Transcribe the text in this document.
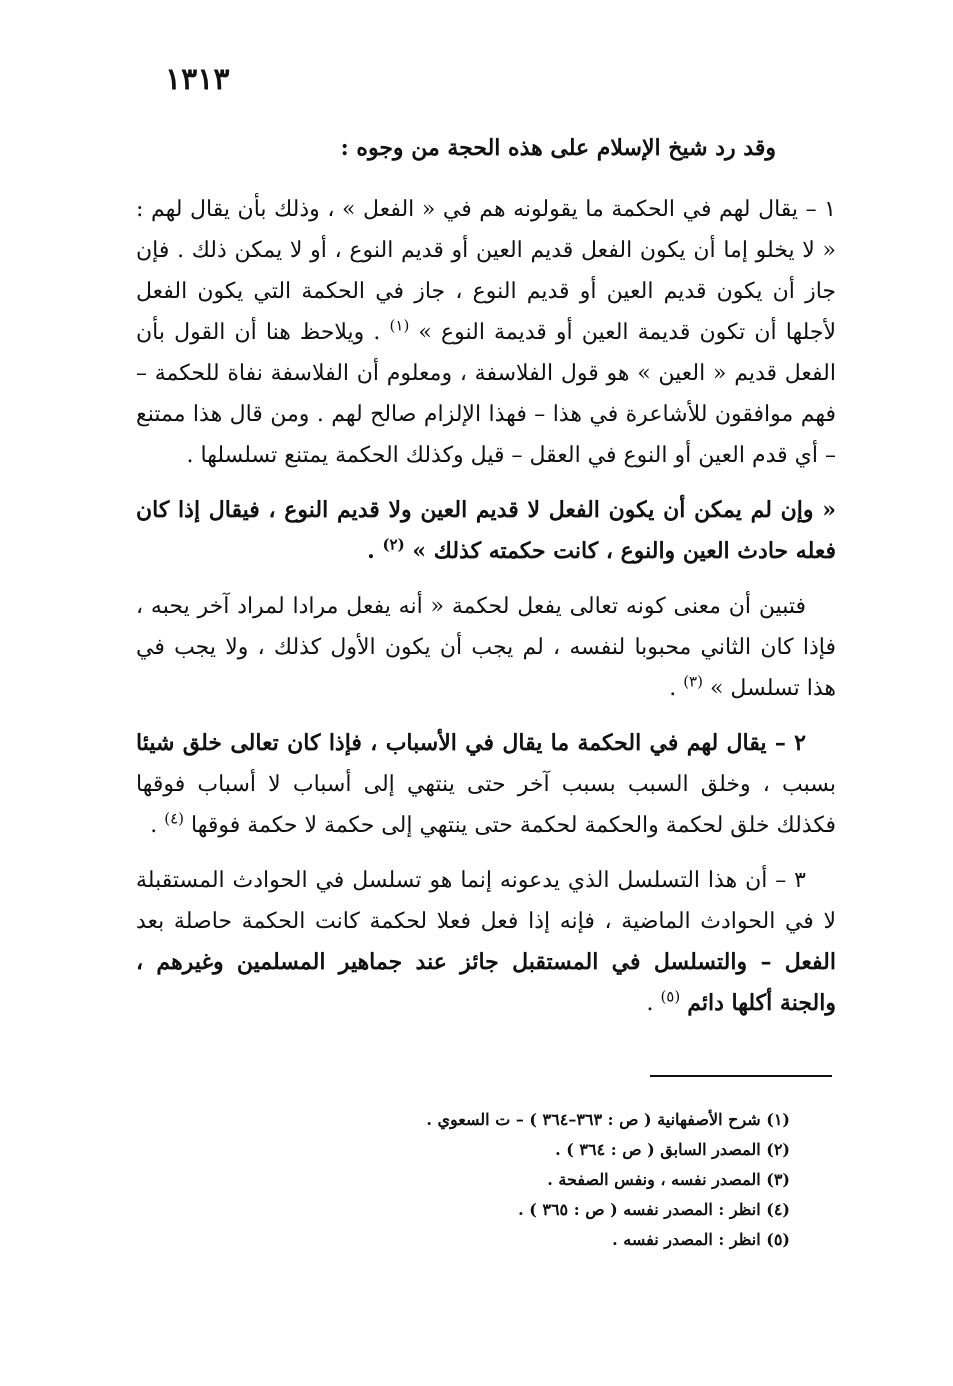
١٣١٣

وقد رد شيخ الإسلام على هذه الحجة من وجوه :

١ – يقال لهم في الحكمة ما يقولونه هم في « الفعل » ، وذلك بأن يقال لهم : « لا يخلو إما أن يكون الفعل قديم العين أو قديم النوع ، أو لا يمكن ذلك . فإن جاز أن يكون قديم العين أو قديم النوع ، جاز في الحكمة التي يكون الفعل لأجلها أن تكون قديمة العين أو قديمة النوع » $^{(١)}$ . ويلاحظ هنا أن القول بأن الفعل قديم « العين » هو قول الفلاسفة ، ومعلوم أن الفلاسفة نفاة للحكمة – فهم موافقون للأشاعرة في هذا – فهذا الإلزام صالح لهم . ومن قال هذا ممتنع – أي قدم العين أو النوع في العقل – قيل وكذلك الحكمة يمتنع تسلسلها .

« وإن لم يمكن أن يكون الفعل لا قديم العين ولا قديم النوع ، فيقال إذا كان فعله حادث العين والنوع ، كانت حكمته كذلك » $^{(٢)}$ .

فتبين أن معنى كونه تعالى يفعل لحكمة « أنه يفعل مرادا لمراد آخر يحبه ، فإذا كان الثاني محبوبا لنفسه ، لم يجب أن يكون الأول كذلك ، ولا يجب في هذا تسلسل » $^{(٣)}$ .

٢ – يقال لهم في الحكمة ما يقال في الأسباب ، فإذا كان تعالى خلق شيئا بسبب ، وخلق السبب بسبب آخر حتى ينتهي إلى أسباب لا أسباب فوقها فكذلك خلق لحكمة والحكمة لحكمة حتى ينتهي إلى حكمة لا حكمة فوقها $^{(٤)}$ .

٣ – أن هذا التسلسل الذي يدعونه إنما هو تسلسل في الحوادث المستقبلة لا في الحوادث الماضية ، فإنه إذا فعل فعلا لحكمة كانت الحكمة حاصلة بعد الفعل – والتسلسل في المستقبل جائز عند جماهير المسلمين وغيرهم ، والجنة أكلها دائم $^{(٥)}$ .

(١) شرح الأصفهانية ( ص : ٣٦٣–٣٦٤ ) – ت السعوي .
(٢) المصدر السابق ( ص : ٣٦٤ ) .
(٣) المصدر نفسه ، ونفس الصفحة .
(٤) انظر : المصدر نفسه ( ص : ٣٦٥ ) .
(٥) انظر : المصدر نفسه .
